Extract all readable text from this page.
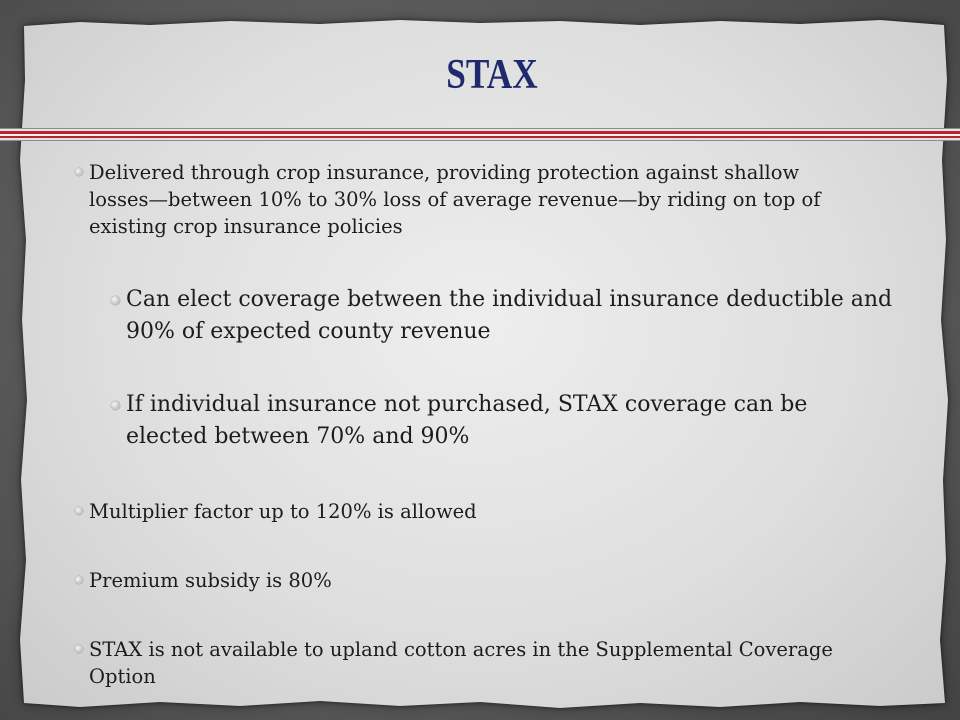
STAX
Delivered through crop insurance, providing protection against shallow
losses—between 10% to 30% loss of average revenue—by riding on top of
existing crop insurance policies
Can elect coverage between the individual insurance deductible and
90% of expected county revenue
If individual insurance not purchased, STAX coverage can be
elected between 70% and 90%
Multiplier factor up to 120% is allowed
Premium subsidy is 80%
STAX is not available to upland cotton acres in the Supplemental Coverage
Option
